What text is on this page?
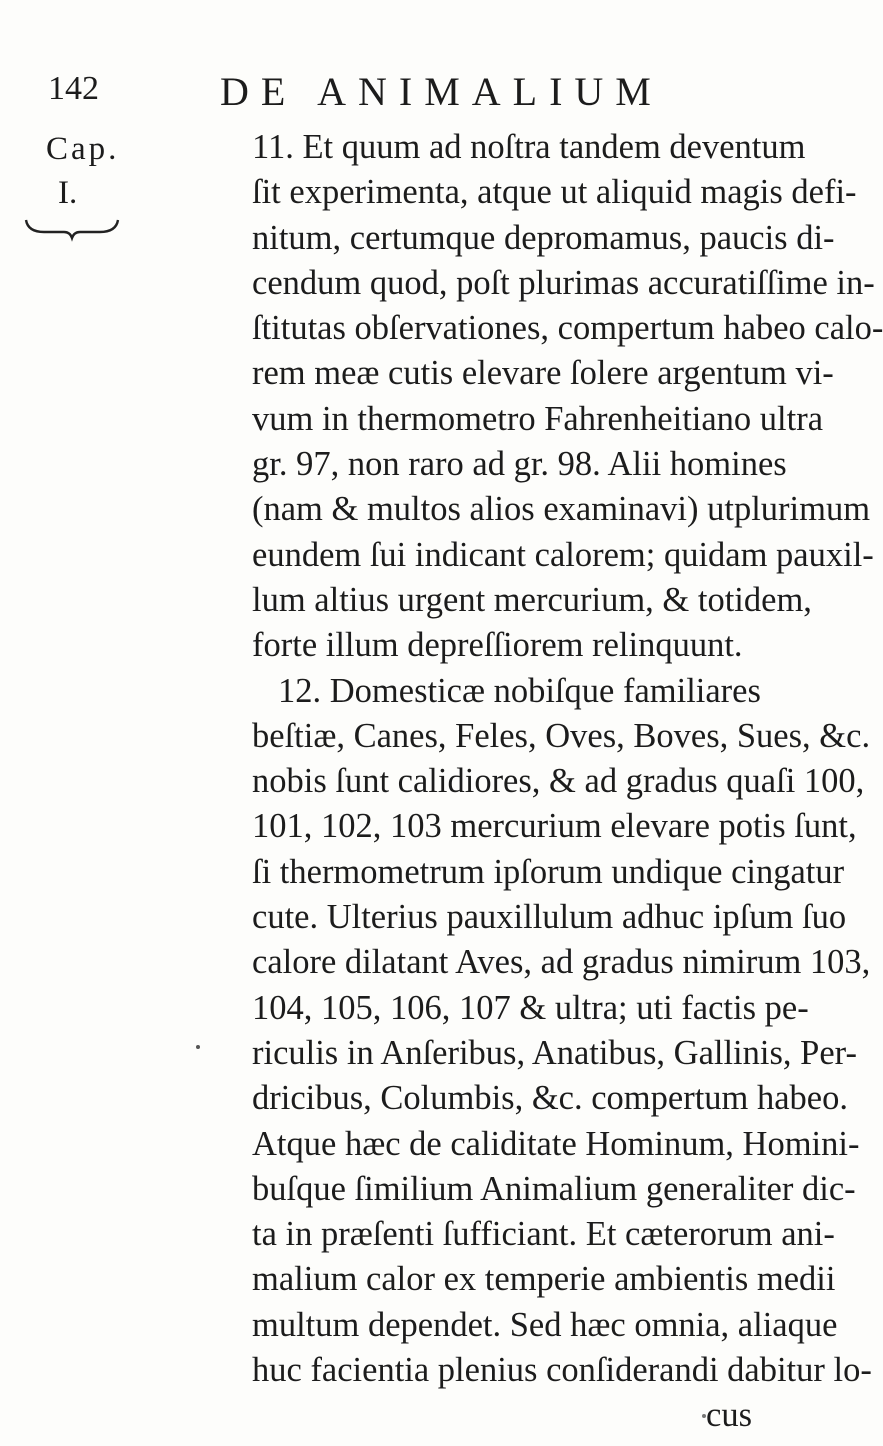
142	DE ANIMALIUM
Cap.
I.
11. Et quum ad noſtra tandem deventum
ſit experimenta, atque ut aliquid magis defi-
nitum, certumque depromamus, paucis di-
cendum quod, poſt plurimas accuratiſſime in-
ſtitutas obſervationes, compertum habeo calo-
rem meæ cutis elevare ſolere argentum vi-
vum in thermometro Fahrenheitiano ultra
gr. 97, non raro ad gr. 98. Alii homines
(nam & multos alios examinavi) utplurimum
eundem ſui indicant calorem; quidam pauxil-
lum altius urgent mercurium, & totidem,
forte illum depreſſiorem relinquunt.
12. Domesticæ nobiſque familiares
beſtiæ, Canes, Feles, Oves, Boves, Sues, &c.
nobis ſunt calidiores, & ad gradus quaſi 100,
101, 102, 103 mercurium elevare potis ſunt,
ſi thermometrum ipſorum undique cingatur
cute. Ulterius pauxillulum adhuc ipſum ſuo
calore dilatant Aves, ad gradus nimirum 103,
104, 105, 106, 107 & ultra; uti factis pe-
riculis in Anſeribus, Anatibus, Gallinis, Per-
dricibus, Columbis, &c. compertum habeo.
Atque hæc de caliditate Hominum, Homini-
buſque ſimilium Animalium generaliter dic-
ta in præſenti ſufficiant. Et cæterorum ani-
malium calor ex temperie ambientis medii
multum dependet. Sed hæc omnia, aliaque
huc facientia plenius conſiderandi dabitur lo-
cus
